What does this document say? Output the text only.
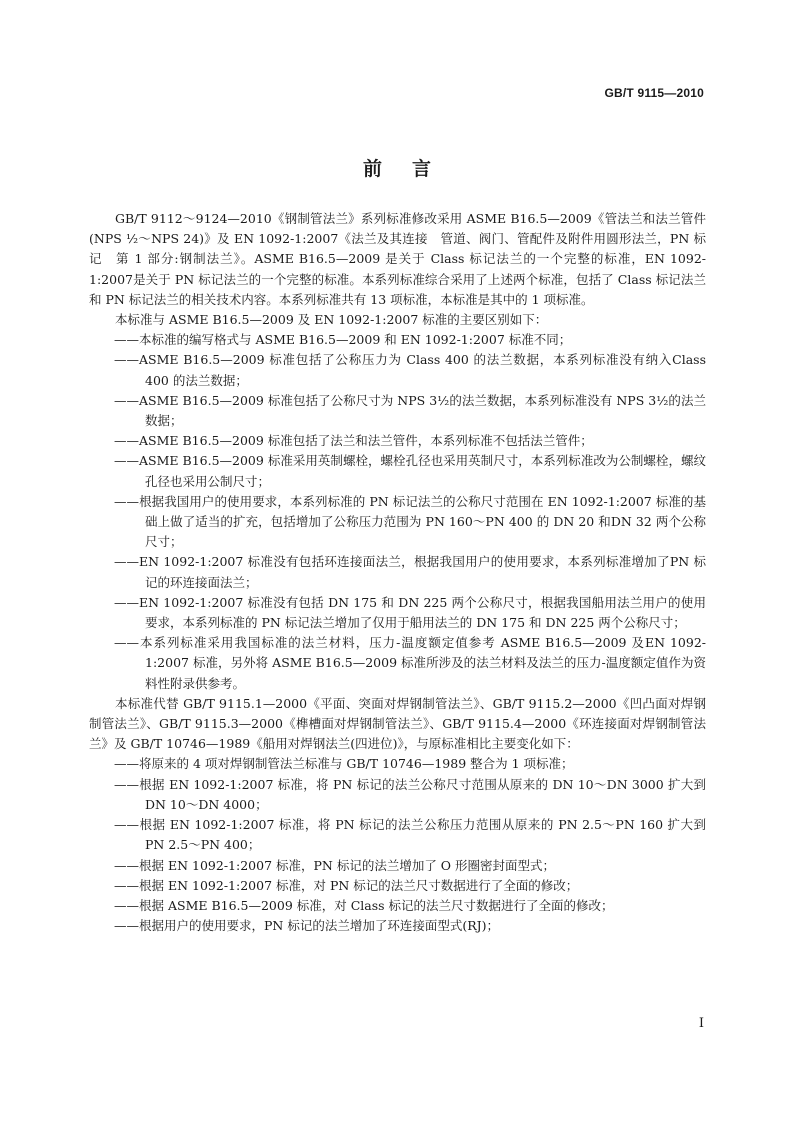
GB/T 9115—2010
前言

GB/T 9112～9124—2010《钢制管法兰》系列标准修改采用 ASME B16.5—2009《管法兰和法兰管件(NPS ½～NPS 24)》及 EN 1092-1:2007《法兰及其连接　管道、阀门、管配件及附件用圆形法兰，PN 标记　第 1 部分:钢制法兰》。ASME B16.5—2009 是关于 Class 标记法兰的一个完整的标准，EN 1092-1:2007是关于 PN 标记法兰的一个完整的标准。本系列标准综合采用了上述两个标准，包括了 Class 标记法兰和 PN 标记法兰的相关技术内容。本系列标准共有 13 项标准，本标准是其中的 1 项标准。

本标准与 ASME B16.5—2009 及 EN 1092-1:2007 标准的主要区别如下：

——本标准的编写格式与 ASME B16.5—2009 和 EN 1092-1:2007 标准不同；

——ASME B16.5—2009 标准包括了公称压力为 Class 400 的法兰数据，本系列标准没有纳入Class 400 的法兰数据；

——ASME B16.5—2009 标准包括了公称尺寸为 NPS 3½的法兰数据，本系列标准没有 NPS 3½的法兰数据；

——ASME B16.5—2009 标准包括了法兰和法兰管件，本系列标准不包括法兰管件；

——ASME B16.5—2009 标准采用英制螺栓，螺栓孔径也采用英制尺寸，本系列标准改为公制螺栓，螺纹孔径也采用公制尺寸；

——根据我国用户的使用要求，本系列标准的 PN 标记法兰的公称尺寸范围在 EN 1092-1:2007 标准的基础上做了适当的扩充，包括增加了公称压力范围为 PN 160～PN 400 的 DN 20 和DN 32 两个公称尺寸；

——EN 1092-1:2007 标准没有包括环连接面法兰，根据我国用户的使用要求，本系列标准增加了PN 标记的环连接面法兰；

——EN 1092-1:2007 标准没有包括 DN 175 和 DN 225 两个公称尺寸，根据我国船用法兰用户的使用要求，本系列标准的 PN 标记法兰增加了仅用于船用法兰的 DN 175 和 DN 225 两个公称尺寸；

——本系列标准采用我国标准的法兰材料，压力-温度额定值参考 ASME B16.5—2009 及EN 1092-1:2007 标准，另外将 ASME B16.5—2009 标准所涉及的法兰材料及法兰的压力-温度额定值作为资料性附录供参考。

本标准代替 GB/T 9115.1—2000《平面、突面对焊钢制管法兰》、GB/T 9115.2—2000《凹凸面对焊钢制管法兰》、GB/T 9115.3—2000《榫槽面对焊钢制管法兰》、GB/T 9115.4—2000《环连接面对焊钢制管法兰》及 GB/T 10746—1989《船用对焊钢法兰(四进位)》，与原标准相比主要变化如下：

——将原来的 4 项对焊钢制管法兰标准与 GB/T 10746—1989 整合为 1 项标准；

——根据 EN 1092-1:2007 标准，将 PN 标记的法兰公称尺寸范围从原来的 DN 10～DN 3000 扩大到 DN 10～DN 4000；

——根据 EN 1092-1:2007 标准，将 PN 标记的法兰公称压力范围从原来的 PN 2.5～PN 160 扩大到 PN 2.5～PN 400；

——根据 EN 1092-1:2007 标准，PN 标记的法兰增加了 O 形圈密封面型式；

——根据 EN 1092-1:2007 标准，对 PN 标记的法兰尺寸数据进行了全面的修改；

——根据 ASME B16.5—2009 标准，对 Class 标记的法兰尺寸数据进行了全面的修改；

——根据用户的使用要求，PN 标记的法兰增加了环连接面型式(RJ)；

I
